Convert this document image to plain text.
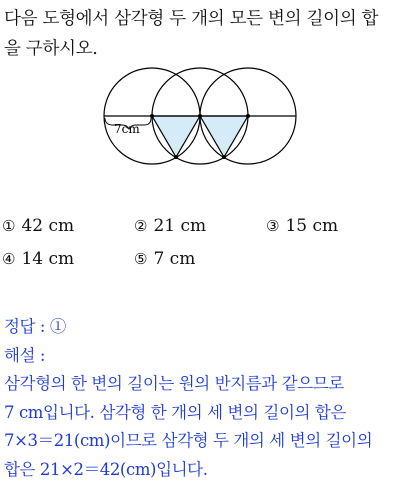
다음 도형에서 삼각형 두 개의 모든 변의 길이의 합
을 구하시오.
7cm
① 42 cm	② 21 cm	③ 15 cm
④ 14 cm	⑤ 7 cm
정답 : ①
해설 :
삼각형의 한 변의 길이는 원의 반지름과 같으므로
7 cm입니다. 삼각형 한 개의 세 변의 길이의 합은
7×3＝21(cm)이므로 삼각형 두 개의 세 변의 길이의
합은 21×2＝42(cm)입니다.
